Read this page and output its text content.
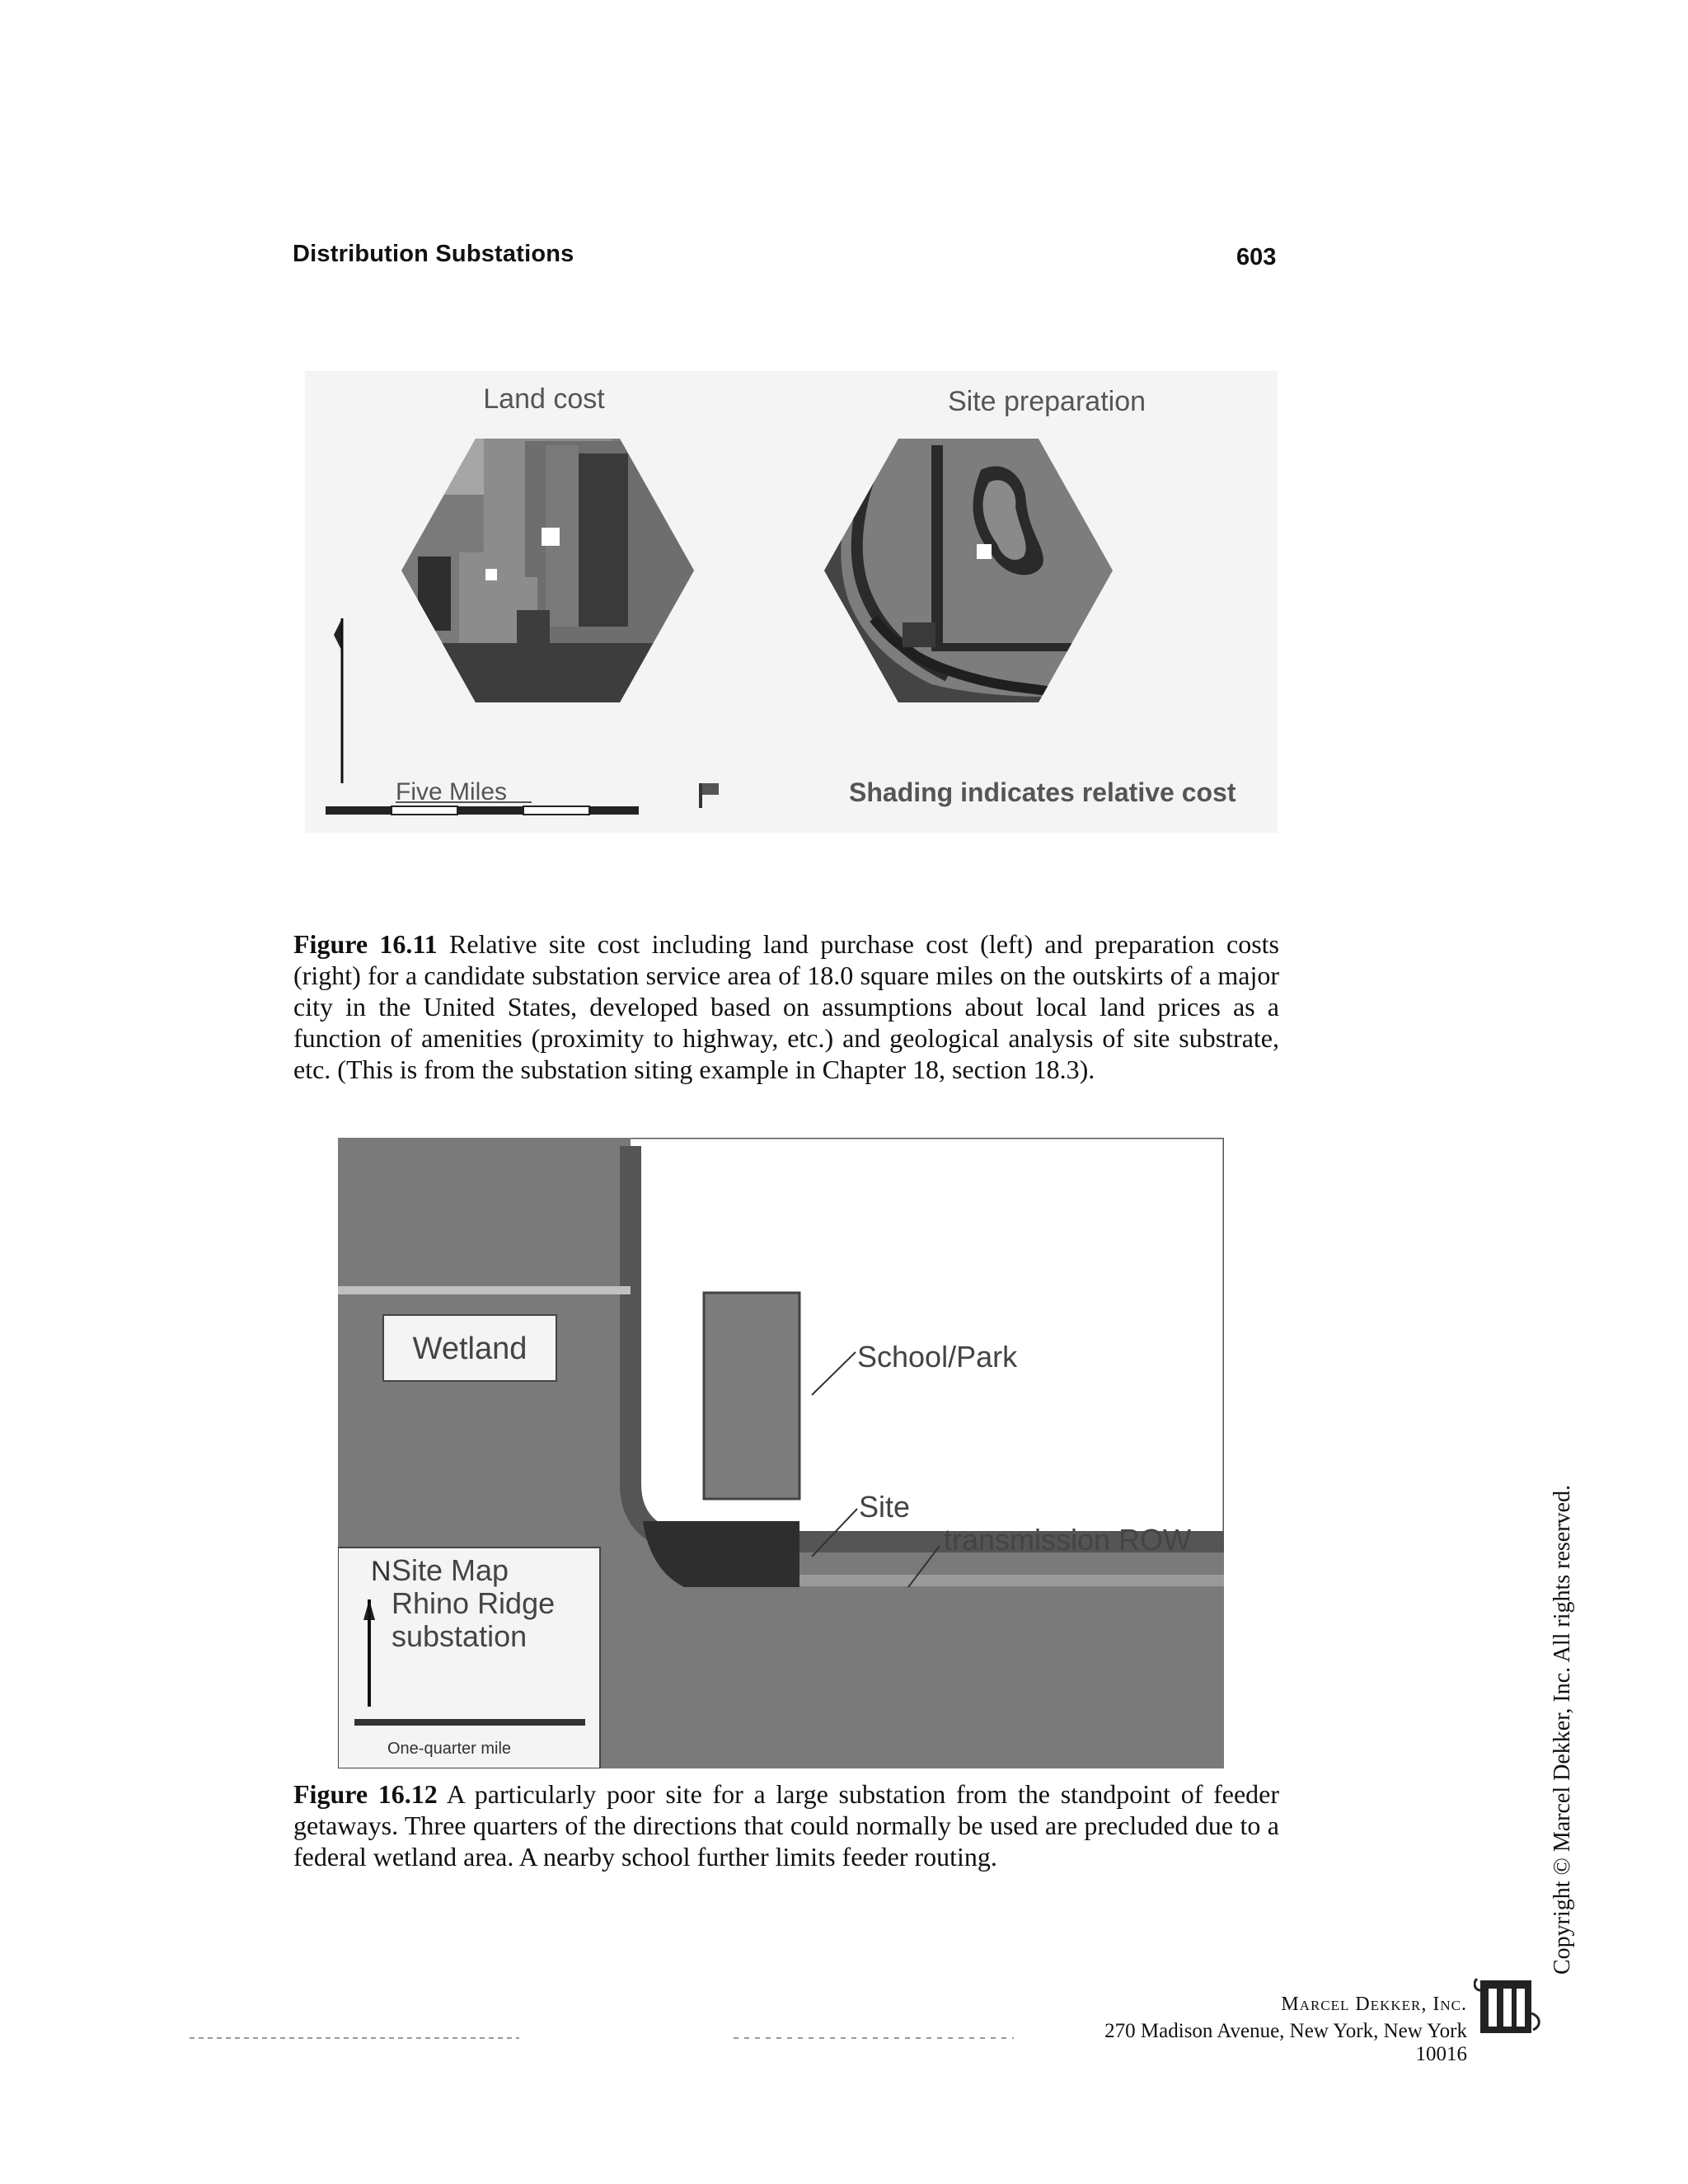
Distribution Substations	603
Land cost	Site preparation
Five Miles	Shading indicates relative cost
Figure 16.11 Relative site cost including land purchase cost (left) and preparation costs (right) for a candidate substation service area of 18.0 square miles on the outskirts of a major city in the United States, developed based on assumptions about local land prices as a function of amenities (proximity to highway, etc.) and geological analysis of site substrate, etc. (This is from the substation siting example in Chapter 18, section 18.3).
Wetland	School/Park
Site
transmission ROW
N Site Map
Rhino Ridge
substation
One-quarter mile
Figure 16.12 A particularly poor site for a large substation from the standpoint of feeder getaways. Three quarters of the directions that could normally be used are precluded due to a federal wetland area. A nearby school further limits feeder routing.	Copyright © Marcel Dekker, Inc. All rights reserved.
Marcel Dekker, Inc.
270 Madison Avenue, New York, New York 10016
